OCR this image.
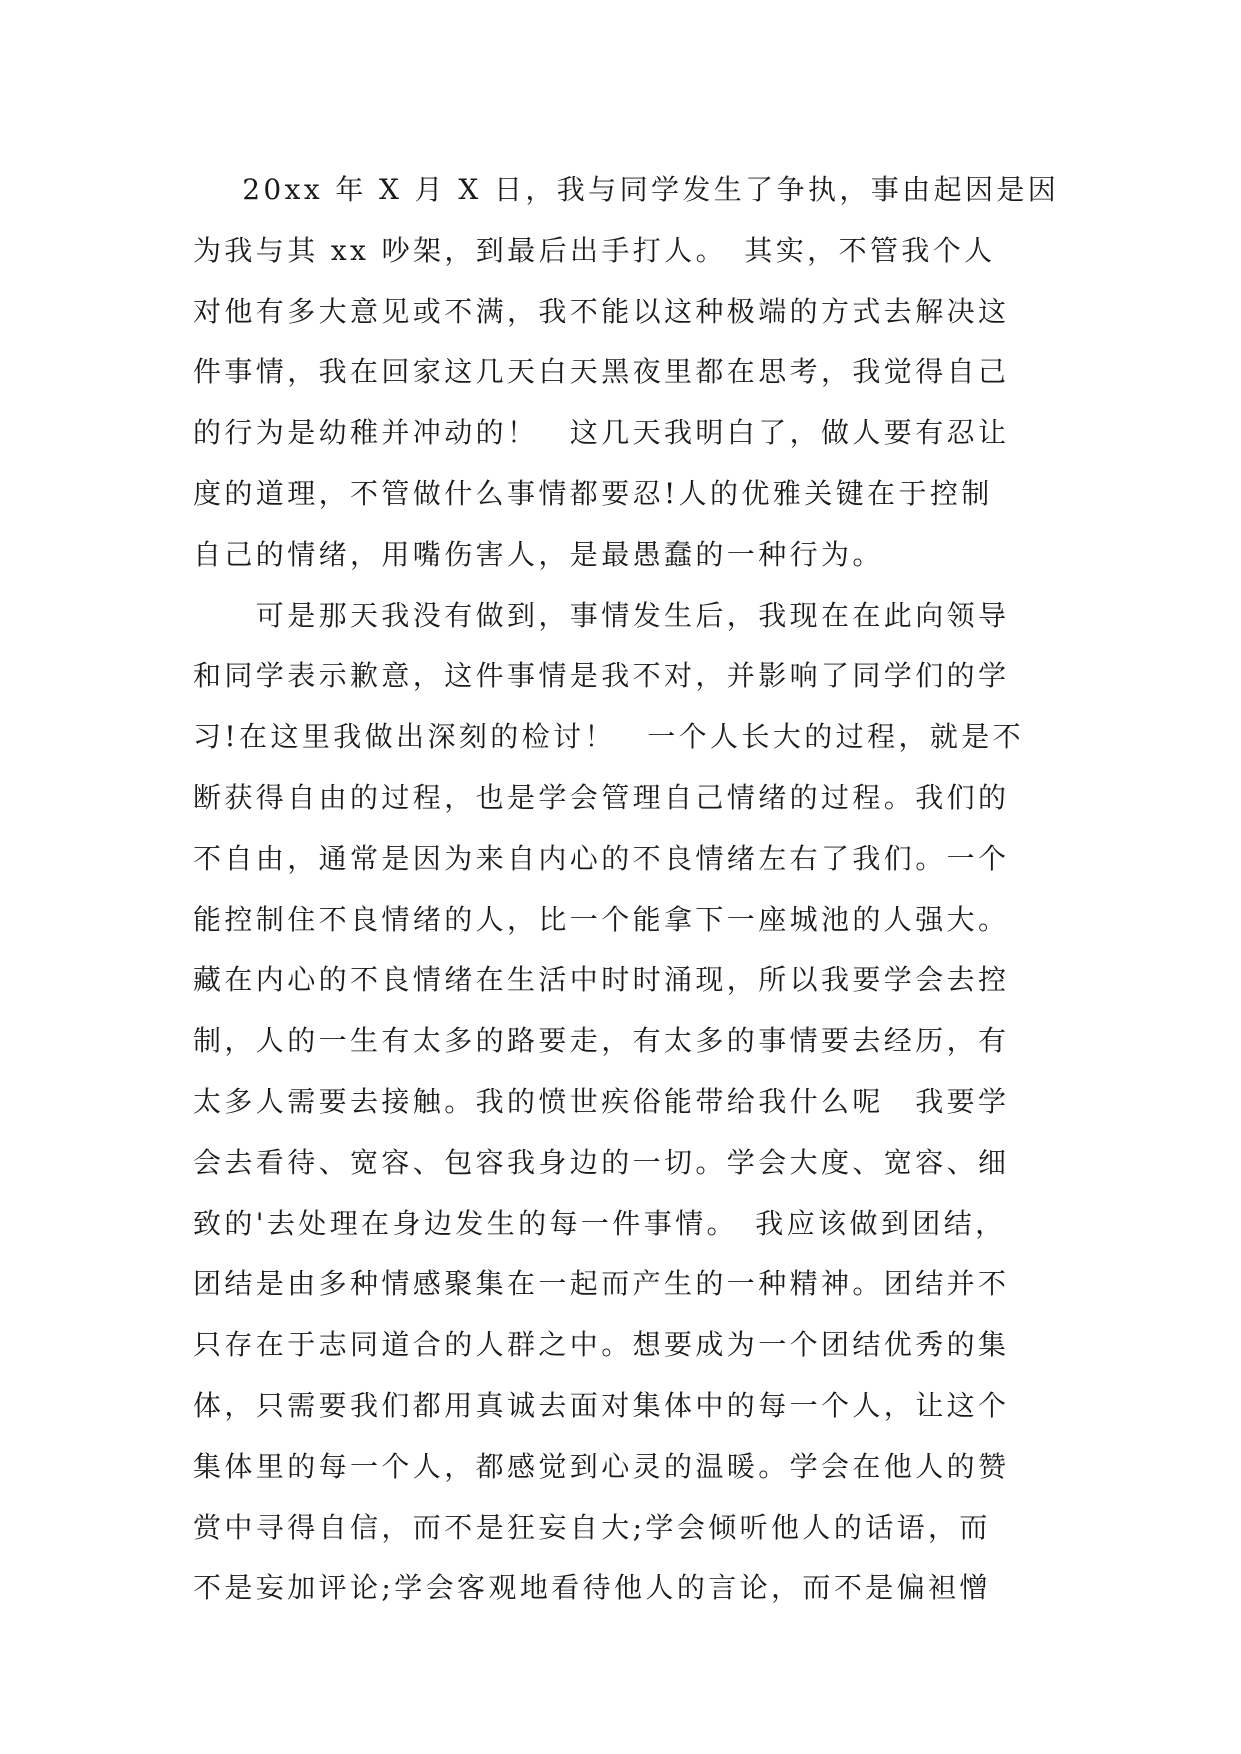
20xx 年 X 月 X 日，我与同学发生了争执，事由起因是因
为我与其 xx 吵架，到最后出手打人。　其实，不管我个人
对他有多大意见或不满，我不能以这种极端的方式去解决这
件事情，我在回家这几天白天黑夜里都在思考，我觉得自己
的行为是幼稚并冲动的！　这几天我明白了，做人要有忍让
度的道理，不管做什么事情都要忍!人的优雅关键在于控制
自己的情绪，用嘴伤害人，是最愚蠢的一种行为。
　　可是那天我没有做到，事情发生后，我现在在此向领导
和同学表示歉意，这件事情是我不对，并影响了同学们的学
习!在这里我做出深刻的检讨！　一个人长大的过程，就是不
断获得自由的过程，也是学会管理自己情绪的过程。我们的
不自由，通常是因为来自内心的不良情绪左右了我们。一个
能控制住不良情绪的人，比一个能拿下一座城池的人强大。
藏在内心的不良情绪在生活中时时涌现，所以我要学会去控
制，人的一生有太多的路要走，有太多的事情要去经历，有
太多人需要去接触。我的愤世疾俗能带给我什么呢　我要学
会去看待、宽容、包容我身边的一切。学会大度、宽容、细
致的'去处理在身边发生的每一件事情。　我应该做到团结，
团结是由多种情感聚集在一起而产生的一种精神。团结并不
只存在于志同道合的人群之中。想要成为一个团结优秀的集
体，只需要我们都用真诚去面对集体中的每一个人，让这个
集体里的每一个人，都感觉到心灵的温暖。学会在他人的赞
赏中寻得自信，而不是狂妄自大;学会倾听他人的话语，而
不是妄加评论;学会客观地看待他人的言论，而不是偏袒憎
